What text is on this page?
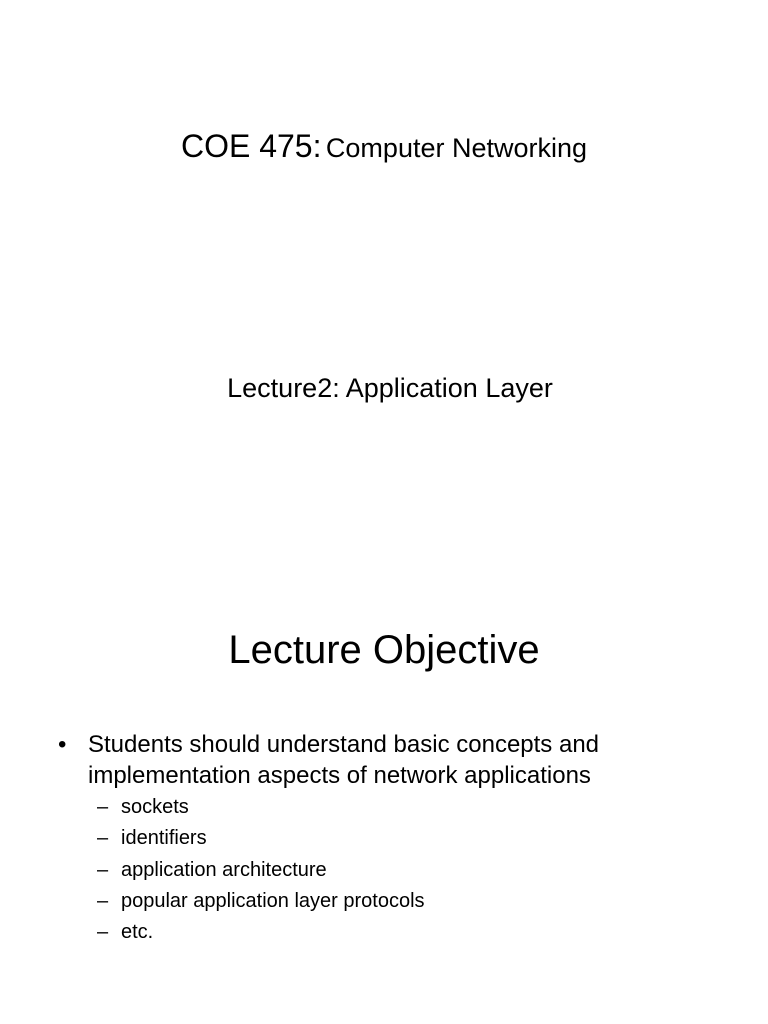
COE 475: Computer Networking
Lecture2: Application Layer
Lecture Objective
• Students should understand basic concepts and implementation aspects of network applications
– sockets
– identifiers
– application architecture
– popular application layer protocols
– etc.
